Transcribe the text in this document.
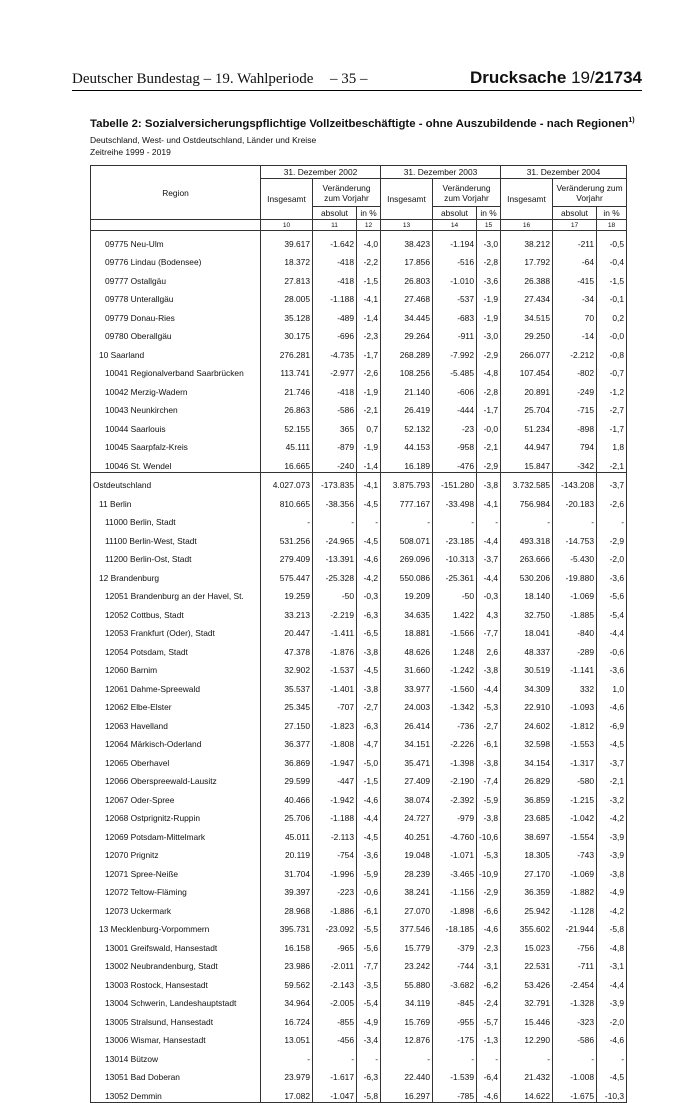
Deutscher Bundestag – 19. Wahlperiode – 35 –	Drucksache 19/21734
Tabelle 2: Sozialversicherungspflichtige Vollzeitbeschäftigte - ohne Auszubildende - nach Regionen$^{1)}$
Deutschland, West- und Ostdeutschland, Länder und Kreise
Zeitreihe 1999 - 2019
Region	31. Dezember 2002			31. Dezember 2003			31. Dezember 2004		
	Insgesamt	Veränderung zum Vorjahr		Insgesamt	Veränderung zum Vorjahr		Insgesamt	Veränderung zum Vorjahr	
		absolut	in %		absolut	in %		absolut	in %
	10	11	12	13	14	15	16	17	18
09775 Neu-Ulm	39.617	-1.642	-4,0	38.423	-1.194	-3,0	38.212	-211	-0,5
09776 Lindau (Bodensee)	18.372	-418	-2,2	17.856	-516	-2,8	17.792	-64	-0,4
09777 Ostallgäu	27.813	-418	-1,5	26.803	-1.010	-3,6	26.388	-415	-1,5
09778 Unterallgäu	28.005	-1.188	-4,1	27.468	-537	-1,9	27.434	-34	-0,1
09779 Donau-Ries	35.128	-489	-1,4	34.445	-683	-1,9	34.515	70	0,2
09780 Oberallgäu	30.175	-696	-2,3	29.264	-911	-3,0	29.250	-14	-0,0
10 Saarland	276.281	-4.735	-1,7	268.289	-7.992	-2,9	266.077	-2.212	-0,8
10041 Regionalverband Saarbrücken	113.741	-2.977	-2,6	108.256	-5.485	-4,8	107.454	-802	-0,7
10042 Merzig-Wadern	21.746	-418	-1,9	21.140	-606	-2,8	20.891	-249	-1,2
10043 Neunkirchen	26.863	-586	-2,1	26.419	-444	-1,7	25.704	-715	-2,7
10044 Saarlouis	52.155	365	0,7	52.132	-23	-0,0	51.234	-898	-1,7
10045 Saarpfalz-Kreis	45.111	-879	-1,9	44.153	-958	-2,1	44.947	794	1,8
10046 St. Wendel	16.665	-240	-1,4	16.189	-476	-2,9	15.847	-342	-2,1
Ostdeutschland	4.027.073	-173.835	-4,1	3.875.793	-151.280	-3,8	3.732.585	-143.208	-3,7
11 Berlin	810.665	-38.356	-4,5	777.167	-33.498	-4,1	756.984	-20.183	-2,6
11000 Berlin, Stadt	-	-	-	-	-	-	-	-	-
11100 Berlin-West, Stadt	531.256	-24.965	-4,5	508.071	-23.185	-4,4	493.318	-14.753	-2,9
11200 Berlin-Ost, Stadt	279.409	-13.391	-4,6	269.096	-10.313	-3,7	263.666	-5.430	-2,0
12 Brandenburg	575.447	-25.328	-4,2	550.086	-25.361	-4,4	530.206	-19.880	-3,6
12051 Brandenburg an der Havel, St.	19.259	-50	-0,3	19.209	-50	-0,3	18.140	-1.069	-5,6
12052 Cottbus, Stadt	33.213	-2.219	-6,3	34.635	1.422	4,3	32.750	-1.885	-5,4
12053 Frankfurt (Oder), Stadt	20.447	-1.411	-6,5	18.881	-1.566	-7,7	18.041	-840	-4,4
12054 Potsdam, Stadt	47.378	-1.876	-3,8	48.626	1.248	2,6	48.337	-289	-0,6
12060 Barnim	32.902	-1.537	-4,5	31.660	-1.242	-3,8	30.519	-1.141	-3,6
12061 Dahme-Spreewald	35.537	-1.401	-3,8	33.977	-1.560	-4,4	34.309	332	1,0
12062 Elbe-Elster	25.345	-707	-2,7	24.003	-1.342	-5,3	22.910	-1.093	-4,6
12063 Havelland	27.150	-1.823	-6,3	26.414	-736	-2,7	24.602	-1.812	-6,9
12064 Märkisch-Oderland	36.377	-1.808	-4,7	34.151	-2.226	-6,1	32.598	-1.553	-4,5
12065 Oberhavel	36.869	-1.947	-5,0	35.471	-1.398	-3,8	34.154	-1.317	-3,7
12066 Oberspreewald-Lausitz	29.599	-447	-1,5	27.409	-2.190	-7,4	26.829	-580	-2,1
12067 Oder-Spree	40.466	-1.942	-4,6	38.074	-2.392	-5,9	36.859	-1.215	-3,2
12068 Ostprignitz-Ruppin	25.706	-1.188	-4,4	24.727	-979	-3,8	23.685	-1.042	-4,2
12069 Potsdam-Mittelmark	45.011	-2.113	-4,5	40.251	-4.760	-10,6	38.697	-1.554	-3,9
12070 Prignitz	20.119	-754	-3,6	19.048	-1.071	-5,3	18.305	-743	-3,9
12071 Spree-Neiße	31.704	-1.996	-5,9	28.239	-3.465	-10,9	27.170	-1.069	-3,8
12072 Teltow-Fläming	39.397	-223	-0,6	38.241	-1.156	-2,9	36.359	-1.882	-4,9
12073 Uckermark	28.968	-1.886	-6,1	27.070	-1.898	-6,6	25.942	-1.128	-4,2
13 Mecklenburg-Vorpommern	395.731	-23.092	-5,5	377.546	-18.185	-4,6	355.602	-21.944	-5,8
13001 Greifswald, Hansestadt	16.158	-965	-5,6	15.779	-379	-2,3	15.023	-756	-4,8
13002 Neubrandenburg, Stadt	23.986	-2.011	-7,7	23.242	-744	-3,1	22.531	-711	-3,1
13003 Rostock, Hansestadt	59.562	-2.143	-3,5	55.880	-3.682	-6,2	53.426	-2.454	-4,4
13004 Schwerin, Landeshauptstadt	34.964	-2.005	-5,4	34.119	-845	-2,4	32.791	-1.328	-3,9
13005 Stralsund, Hansestadt	16.724	-855	-4,9	15.769	-955	-5,7	15.446	-323	-2,0
13006 Wismar, Hansestadt	13.051	-456	-3,4	12.876	-175	-1,3	12.290	-586	-4,6
13014 Bützow	-	-	-	-	-	-	-	-	-
13051 Bad Doberan	23.979	-1.617	-6,3	22.440	-1.539	-6,4	21.432	-1.008	-4,5
13052 Demmin	17.082	-1.047	-5,8	16.297	-785	-4,6	14.622	-1.675	-10,3
